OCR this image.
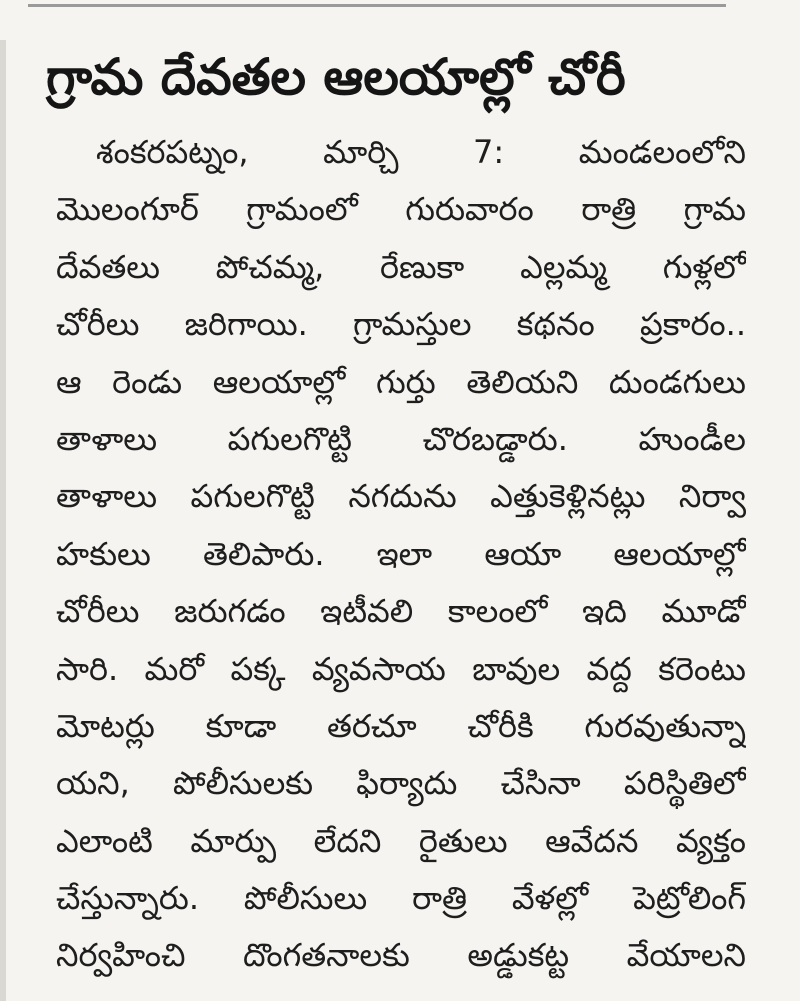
గ్రామ దేవతల ఆలయాల్లో చోరీ
శంకరపట్నం, మార్చి 7: మండలంలోని
మొలంగూర్ గ్రామంలో గురువారం రాత్రి గ్రామ
దేవతలు పోచమ్మ, రేణుకా ఎల్లమ్మ గుళ్లలో
చోరీలు జరిగాయి. గ్రామస్తుల కథనం ప్రకారం..
ఆ రెండు ఆలయాల్లో గుర్తు తెలియని దుండగులు
తాళాలు పగులగొట్టి చొరబడ్డారు. హుండీల
తాళాలు పగులగొట్టి నగదును ఎత్తుకెళ్లినట్లు నిర్వా
హకులు తెలిపారు. ఇలా ఆయా ఆలయాల్లో
చోరీలు జరుగడం ఇటీవలి కాలంలో ఇది మూడో
సారి. మరో పక్క వ్యవసాయ బావుల వద్ద కరెంటు
మోటర్లు కూడా తరచూ చోరీకి గురవుతున్నా
యని, పోలీసులకు ఫిర్యాదు చేసినా పరిస్థితిలో
ఎలాంటి మార్పు లేదని రైతులు ఆవేదన వ్యక్తం
చేస్తున్నారు. పోలీసులు రాత్రి వేళల్లో పెట్రోలింగ్
నిర్వహించి దొంగతనాలకు అడ్డుకట్ట వేయాలని
